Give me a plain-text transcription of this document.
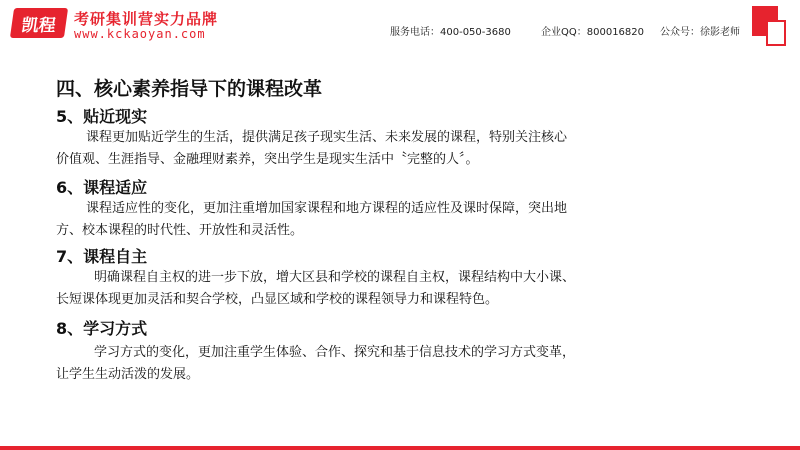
凯程 考研集训营实力品牌
www.kckaoyan.com	服务电话：400-050-3680	企业QQ：800016820 公众号：徐影老师
四、核心素养指导下的课程改革
5、贴近现实
课程更加贴近学生的生活，提供满足孩子现实生活、未来发展的课程，特别关注核心
价值观、生涯指导、金融理财素养，突出学生是现实生活中〝完整的人〞。
6、课程适应
课程适应性的变化，更加注重增加国家课程和地方课程的适应性及课时保障，突出地
方、校本课程的时代性、开放性和灵活性。
7、课程自主
明确课程自主权的进一步下放，增大区县和学校的课程自主权，课程结构中大小课、
长短课体现更加灵活和契合学校，凸显区域和学校的课程领导力和课程特色。
8、学习方式
学习方式的变化，更加注重学生体验、合作、探究和基于信息技术的学习方式变革，
让学生生动活泼的发展。
